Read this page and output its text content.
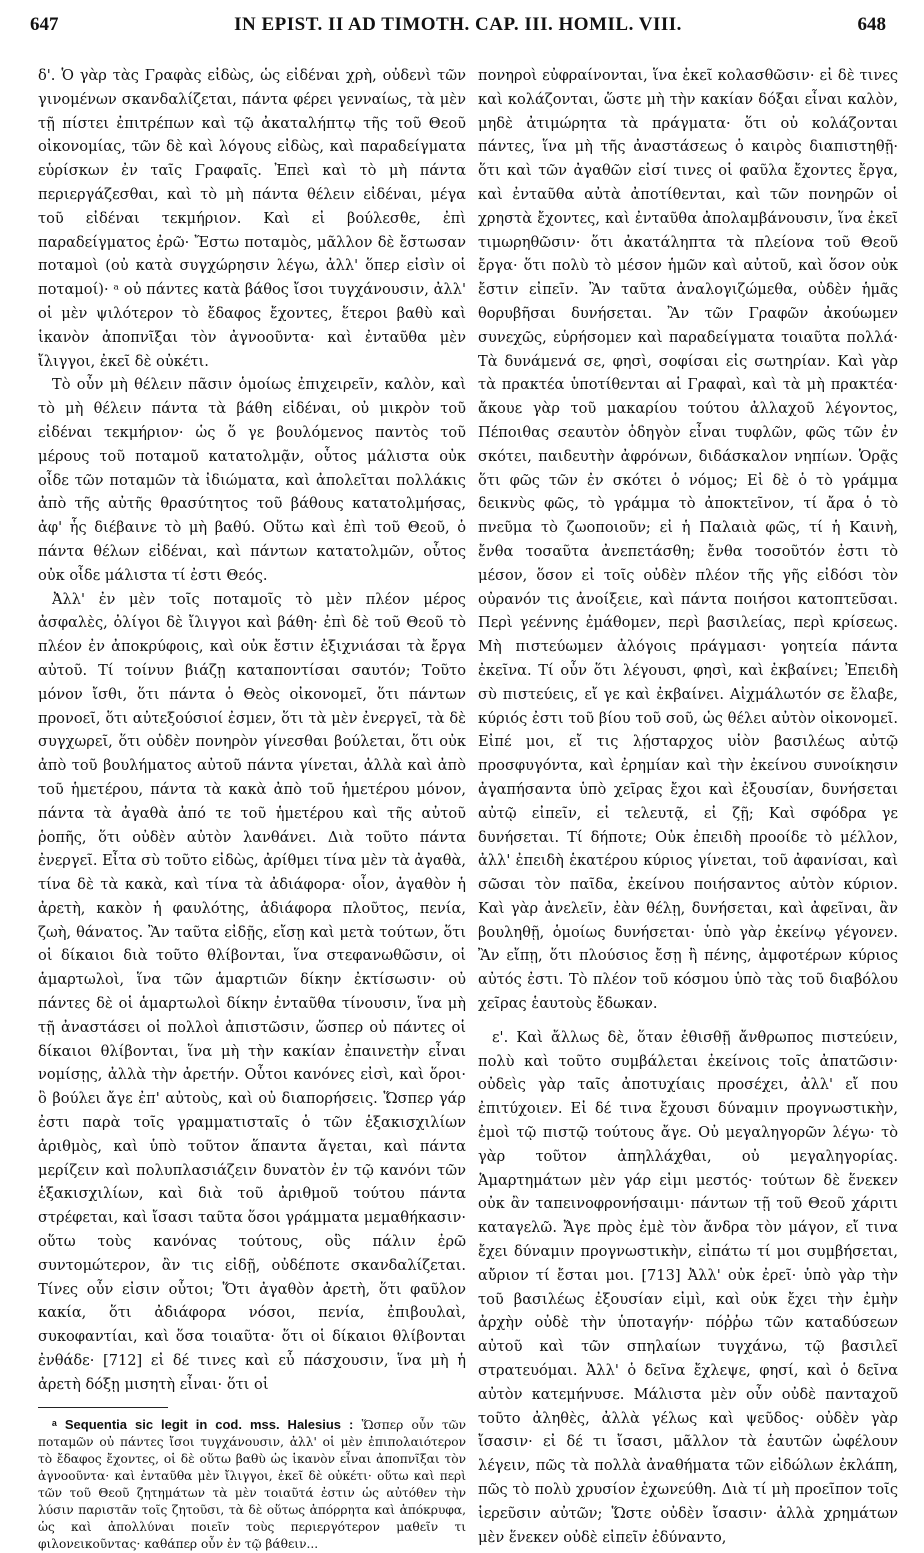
647	IN EPIST. II AD TIMOTH. CAP. III. HOMIL. VIII.	648

δ'. Ὁ γὰρ τὰς Γραφὰς εἰδὼς, ὡς εἰδέναι χρὴ, οὐδενὶ τῶν γινομένων σκανδαλίζεται, πάντα φέρει γενναίως, τὰ μὲν τῇ πίστει ἐπιτρέπων καὶ τῷ ἀκαταλήπτῳ τῆς τοῦ Θεοῦ οἰκονομίας, τῶν δὲ καὶ λόγους εἰδὼς, καὶ παραδείγματα εὑρίσκων ἐν ταῖς Γραφαῖς. Ἐπεὶ καὶ τὸ μὴ πάντα περιεργάζεσθαι, καὶ τὸ μὴ πάντα θέλειν εἰδέναι, μέγα τοῦ εἰδέναι τεκμήριον. Καὶ εἰ βούλεσθε, ἐπὶ παραδείγματος ἐρῶ· Ἔστω ποταμὸς, μᾶλλον δὲ ἔστωσαν ποταμοὶ (οὐ κατὰ συγχώρησιν λέγω, ἀλλ' ὅπερ εἰσὶν οἱ ποταμοί)· ᵃ οὐ πάντες κατὰ βάθος ἴσοι τυγχάνουσιν, ἀλλ' οἱ μὲν ψιλότερον τὸ ἔδαφος ἔχοντες, ἕτεροι βαθὺ καὶ ἱκανὸν ἀποπνῖξαι τὸν ἀγνοοῦντα· καὶ ἐνταῦθα μὲν ἴλιγγοι, ἐκεῖ δὲ οὐκέτι.

Τὸ οὖν μὴ θέλειν πᾶσιν ὁμοίως ἐπιχειρεῖν, καλὸν, καὶ τὸ μὴ θέλειν πάντα τὰ βάθη εἰδέναι, οὐ μικρὸν τοῦ εἰδέναι τεκμήριον· ὡς ὅ γε βουλόμενος παντὸς τοῦ μέρους τοῦ ποταμοῦ κατατολμᾷν, οὗτος μάλιστα οὐκ οἶδε τῶν ποταμῶν τὰ ἰδιώματα, καὶ ἀπολεῖται πολλάκις ἀπὸ τῆς αὐτῆς θρασύτητος τοῦ βάθους κατατολμήσας, ἀφ' ἧς διέβαινε τὸ μὴ βαθύ. Οὕτω καὶ ἐπὶ τοῦ Θεοῦ, ὁ πάντα θέλων εἰδέναι, καὶ πάντων κατατολμῶν, οὗτος οὐκ οἶδε μάλιστα τί ἐστι Θεός.

Ἀλλ' ἐν μὲν τοῖς ποταμοῖς τὸ μὲν πλέον μέρος ἀσφαλὲς, ὀλίγοι δὲ ἴλιγγοι καὶ βάθη· ἐπὶ δὲ τοῦ Θεοῦ τὸ πλέον ἐν ἀποκρύφοις, καὶ οὐκ ἔστιν ἐξιχνιάσαι τὰ ἔργα αὐτοῦ. Τί τοίνυν βιάζῃ καταποντίσαι σαυτόν; Τοῦτο μόνον ἴσθι, ὅτι πάντα ὁ Θεὸς οἰκονομεῖ, ὅτι πάντων προνοεῖ, ὅτι αὐτεξούσιοί ἐσμεν, ὅτι τὰ μὲν ἐνεργεῖ, τὰ δὲ συγχωρεῖ, ὅτι οὐδὲν πονηρὸν γίνεσθαι βούλεται, ὅτι οὐκ ἀπὸ τοῦ βουλήματος αὐτοῦ πάντα γίνεται, ἀλλὰ καὶ ἀπὸ τοῦ ἡμετέρου, πάντα τὰ κακὰ ἀπὸ τοῦ ἡμετέρου μόνον, πάντα τὰ ἀγαθὰ ἀπό τε τοῦ ἡμετέρου καὶ τῆς αὐτοῦ ῥοπῆς, ὅτι οὐδὲν αὐτὸν λανθάνει. Διὰ τοῦτο πάντα ἐνεργεῖ. Εἶτα σὺ τοῦτο εἰδὼς, ἀρίθμει τίνα μὲν τὰ ἀγαθὰ, τίνα δὲ τὰ κακὰ, καὶ τίνα τὰ ἀδιάφορα· οἷον, ἀγαθὸν ἡ ἀρετὴ, κακὸν ἡ φαυλότης, ἀδιάφορα πλοῦτος, πενία, ζωὴ, θάνατος. Ἂν ταῦτα εἰδῇς, εἴσῃ καὶ μετὰ τούτων, ὅτι οἱ δίκαιοι διὰ τοῦτο θλίβονται, ἵνα στεφανωθῶσιν, οἱ ἁμαρτωλοὶ, ἵνα τῶν ἁμαρτιῶν δίκην ἐκτίσωσιν· οὐ πάντες δὲ οἱ ἁμαρτωλοὶ δίκην ἐνταῦθα τίνουσιν, ἵνα μὴ τῇ ἀναστάσει οἱ πολλοὶ ἀπιστῶσιν, ὥσπερ οὐ πάντες οἱ δίκαιοι θλίβονται, ἵνα μὴ τὴν κακίαν ἐπαινετὴν εἶναι νομίσῃς, ἀλλὰ τὴν ἀρετήν. Οὗτοι κανόνες εἰσὶ, καὶ ὅροι· ὃ βούλει ἄγε ἐπ' αὐτοὺς, καὶ οὐ διαπορήσεις. Ὥσπερ γάρ ἐστι παρὰ τοῖς γραμματισταῖς ὁ τῶν ἑξακισχιλίων ἀριθμὸς, καὶ ὑπὸ τοῦτον ἅπαντα ἄγεται, καὶ πάντα μερίζειν καὶ πολυπλασιάζειν δυνατὸν ἐν τῷ κανόνι τῶν ἑξακισχιλίων, καὶ διὰ τοῦ ἀριθμοῦ τούτου πάντα στρέφεται, καὶ ἴσασι ταῦτα ὅσοι γράμματα μεμαθήκασιν· οὕτω τοὺς κανόνας τούτους, οὓς πάλιν ἐρῶ συντομώτερον, ἂν τις εἰδῇ, οὐδέποτε σκανδαλίζεται. Τίνες οὖν εἰσιν οὗτοι; Ὅτι ἀγαθὸν ἀρετὴ, ὅτι φαῦλον κακία, ὅτι ἀδιάφορα νόσοι, πενία, ἐπιβουλαὶ, συκοφαντίαι, καὶ ὅσα τοιαῦτα· ὅτι οἱ δίκαιοι θλίβονται ἐνθάδε· [712] εἰ δέ τινες καὶ εὖ πάσχουσιν, ἵνα μὴ ἡ ἀρετὴ δόξῃ μισητὴ εἶναι· ὅτι οἱ

ᵃ Sequentia sic legit in cod. mss. Halesius : Ὥσπερ οὖν τῶν ποταμῶν οὐ πάντες ἴσοι τυγχάνουσιν, ἀλλ' οἱ μὲν ἐπιπολαιότερον τὸ ἔδαφος ἔχοντες, οἱ δὲ οὕτω βαθὺ ὡς ἱκανὸν εἶναι ἀποπνῖξαι τὸν ἀγνοοῦντα· καὶ ἐνταῦθα μὲν ἴλιγγοι, ἐκεῖ δὲ οὐκέτι· οὕτω καὶ περὶ τῶν τοῦ Θεοῦ ζητημάτων τὰ μὲν τοιαῦτά ἐστιν ὡς αὐτόθεν τὴν λύσιν παριστᾶν τοῖς ζητοῦσι, τὰ δὲ οὕτως ἀπόρρητα καὶ ἀπόκρυφα, ὡς καὶ ἀπολλύναι ποιεῖν τοὺς περιεργότερον μαθεῖν τι φιλονεικοῦντας· καθάπερ οὖν ἐν τῷ βάθειν...

πονηροὶ εὐφραίνονται, ἵνα ἐκεῖ κολασθῶσιν· εἰ δὲ τινες καὶ κολάζονται, ὥστε μὴ τὴν κακίαν δόξαι εἶναι καλὸν, μηδὲ ἀτιμώρητα τὰ πράγματα· ὅτι οὐ κολάζονται πάντες, ἵνα μὴ τῆς ἀναστάσεως ὁ καιρὸς διαπιστηθῇ· ὅτι καὶ τῶν ἀγαθῶν εἰσί τινες οἱ φαῦλα ἔχοντες ἔργα, καὶ ἐνταῦθα αὐτὰ ἀποτίθενται, καὶ τῶν πονηρῶν οἱ χρηστὰ ἔχοντες, καὶ ἐνταῦθα ἀπολαμβάνουσιν, ἵνα ἐκεῖ τιμωρηθῶσιν· ὅτι ἀκατάληπτα τὰ πλείονα τοῦ Θεοῦ ἔργα· ὅτι πολὺ τὸ μέσον ἡμῶν καὶ αὐτοῦ, καὶ ὅσον οὐκ ἔστιν εἰπεῖν. Ἂν ταῦτα ἀναλογιζώμεθα, οὐδὲν ἡμᾶς θορυβῆσαι δυνήσεται. Ἂν τῶν Γραφῶν ἀκούωμεν συνεχῶς, εὑρήσομεν καὶ παραδείγματα τοιαῦτα πολλά· Τὰ δυνάμενά σε, φησὶ, σοφίσαι εἰς σωτηρίαν. Καὶ γὰρ τὰ πρακτέα ὑποτίθενται αἱ Γραφαὶ, καὶ τὰ μὴ πρακτέα· ἄκουε γὰρ τοῦ μακαρίου τούτου ἀλλαχοῦ λέγοντος, Πέποιθας σεαυτὸν ὁδηγὸν εἶναι τυφλῶν, φῶς τῶν ἐν σκότει, παιδευτὴν ἀφρόνων, διδάσκαλον νηπίων. Ὁρᾷς ὅτι φῶς τῶν ἐν σκότει ὁ νόμος; Εἰ δὲ ὁ τὸ γράμμα δεικνὺς φῶς, τὸ γράμμα τὸ ἀποκτεῖνον, τί ἄρα ὁ τὸ πνεῦμα τὸ ζωοποιοῦν; εἰ ἡ Παλαιὰ φῶς, τί ἡ Καινὴ, ἔνθα τοσαῦτα ἀνεπετάσθη; ἔνθα τοσοῦτόν ἐστι τὸ μέσον, ὅσον εἰ τοῖς οὐδὲν πλέον τῆς γῆς εἰδόσι τὸν οὐρανόν τις ἀνοίξειε, καὶ πάντα ποιήσοι κατοπτεῦσαι. Περὶ γεέννης ἐμάθομεν, περὶ βασιλείας, περὶ κρίσεως. Μὴ πιστεύωμεν ἀλόγοις πράγμασι· γοητεία πάντα ἐκεῖνα. Τί οὖν ὅτι λέγουσι, φησὶ, καὶ ἐκβαίνει; Ἐπειδὴ σὺ πιστεύεις, εἴ γε καὶ ἐκβαίνει. Αἰχμάλωτόν σε ἔλαβε, κύριός ἐστι τοῦ βίου τοῦ σοῦ, ὡς θέλει αὐτὸν οἰκονομεῖ. Εἰπέ μοι, εἴ τις λῄσταρχος υἱὸν βασιλέως αὐτῷ προσφυγόντα, καὶ ἐρημίαν καὶ τὴν ἐκείνου συνοίκησιν ἀγαπήσαντα ὑπὸ χεῖρας ἔχοι καὶ ἐξουσίαν, δυνήσεται αὐτῷ εἰπεῖν, εἰ τελευτᾷ, εἰ ζῇ; Καὶ σφόδρα γε δυνήσεται. Τί δήποτε; Οὐκ ἐπειδὴ προοίδε τὸ μέλλον, ἀλλ' ἐπειδὴ ἑκατέρου κύριος γίνεται, τοῦ ἀφανίσαι, καὶ σῶσαι τὸν παῖδα, ἐκείνου ποιήσαντος αὐτὸν κύριον. Καὶ γὰρ ἀνελεῖν, ἐὰν θέλῃ, δυνήσεται, καὶ ἀφεῖναι, ἂν βουληθῇ, ὁμοίως δυνήσεται· ὑπὸ γὰρ ἐκείνῳ γέγονεν. Ἂν εἴπῃ, ὅτι πλούσιος ἔσῃ ἢ πένης, ἀμφοτέρων κύριος αὐτός ἐστι. Τὸ πλέον τοῦ κόσμου ὑπὸ τὰς τοῦ διαβόλου χεῖρας ἑαυτοὺς ἔδωκαν.

ε'. Καὶ ἄλλως δὲ, ὅταν ἐθισθῇ ἄνθρωπος πιστεύειν, πολὺ καὶ τοῦτο συμβάλεται ἐκείνοις τοῖς ἀπατῶσιν· οὐδεὶς γὰρ ταῖς ἀποτυχίαις προσέχει, ἀλλ' εἴ που ἐπιτύχοιεν. Εἰ δέ τινα ἔχουσι δύναμιν προγνωστικὴν, ἐμοὶ τῷ πιστῷ τούτους ἄγε. Οὐ μεγαληγορῶν λέγω· τὸ γὰρ τοῦτον ἀπηλλάχθαι, οὐ μεγαληγορίας. Ἁμαρτημάτων μὲν γάρ εἰμι μεστός· τούτων δὲ ἕνεκεν οὐκ ἂν ταπεινοφρονήσαιμι· πάντων τῇ τοῦ Θεοῦ χάριτι καταγελῶ. Ἄγε πρὸς ἐμὲ τὸν ἄνδρα τὸν μάγον, εἴ τινα ἔχει δύναμιν προγνωστικὴν, εἰπάτω τί μοι συμβήσεται, αὔριον τί ἔσται μοι. [713] Ἀλλ' οὐκ ἐρεῖ· ὑπὸ γὰρ τὴν τοῦ βασιλέως ἐξουσίαν εἰμὶ, καὶ οὐκ ἔχει τὴν ἐμὴν ἀρχὴν οὐδὲ τὴν ὑποταγήν· πόῤῥω τῶν καταδύσεων αὐτοῦ καὶ τῶν σπηλαίων τυγχάνω, τῷ βασιλεῖ στρατευόμαι. Ἀλλ' ὁ δεῖνα ἔχλεψε, φησί, καὶ ὁ δεῖνα αὐτὸν κατεμήνυσε. Μάλιστα μὲν οὖν οὐδὲ πανταχοῦ τοῦτο ἀληθὲς, ἀλλὰ γέλως καὶ ψεῦδος· οὐδὲν γὰρ ἴσασιν· εἰ δέ τι ἴσασι, μᾶλλον τὰ ἑαυτῶν ὠφέλουν λέγειν, πῶς τὰ πολλὰ ἀναθήματα τῶν εἰδώλων ἐκλάπη, πῶς τὸ πολὺ χρυσίον ἐχωνεύθη. Διὰ τί μὴ προεῖπον τοῖς ἱερεῦσιν αὐτῶν; Ὥστε οὐδὲν ἴσασιν· ἀλλὰ χρημάτων μὲν ἕνεκεν οὐδὲ εἰπεῖν ἐδύναντο,
